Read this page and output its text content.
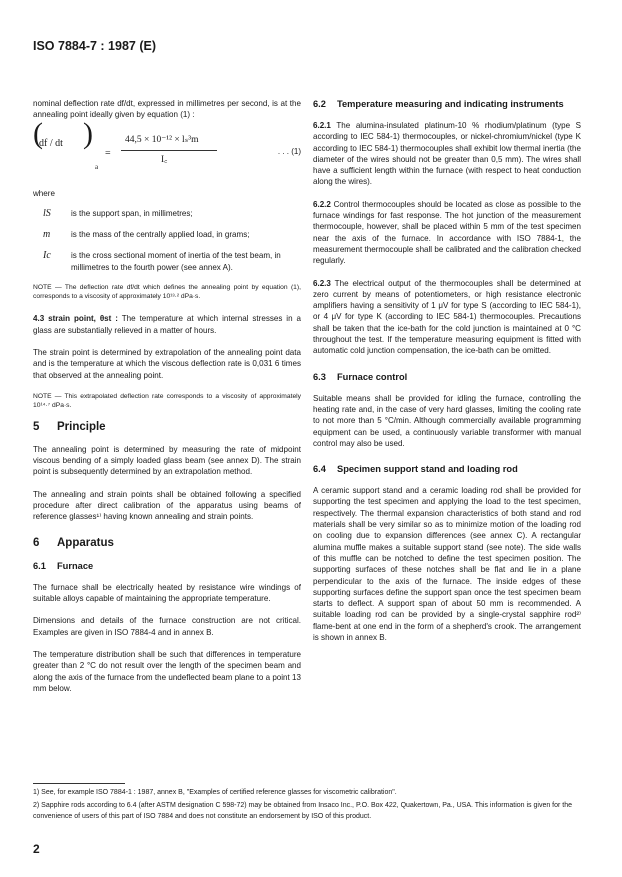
ISO 7884-7 : 1987 (E)

nominal deflection rate df/dt, expressed in millimetres per second, is at the annealing point ideally given by equation (1) :

(
df / dt )
a
=
44,5 × 10⁻¹² × lₛ³m
I꜀
. . . (1)

where

lS	is the support span, in millimetres;
m	is the mass of the centrally applied load, in grams;
Ic	is the cross sectional moment of inertia of the test beam, in millimetres to the fourth power (see annex A).

NOTE — The deflection rate df/dt which defines the annealing point by equation (1), corresponds to a viscosity of approximately 10¹³·² dPa·s.

4.3 strain point, θst : The temperature at which internal stresses in a glass are substantially relieved in a matter of hours.

The strain point is determined by extrapolation of the annealing point data and is the temperature at which the viscous deflection rate is 0,031 6 times that observed at the annealing point.

NOTE — This extrapolated deflection rate corresponds to a viscosity of approximately 10¹⁴·⁷ dPa·s.

5 Principle

The annealing point is determined by measuring the rate of midpoint viscous bending of a simply loaded glass beam (see annex D). The strain point is subsequently determined by an extrapolation method.

The annealing and strain points shall be obtained following a specified procedure after direct calibration of the apparatus using beams of reference glasses¹⁾ having known annealing and strain points.

6 Apparatus
6.1 Furnace

The furnace shall be electrically heated by resistance wire windings of suitable alloys capable of maintaining the appropriate temperature.

Dimensions and details of the furnace construction are not critical. Examples are given in ISO 7884-4 and in annex B.

The temperature distribution shall be such that differences in temperature greater than 2 °C do not result over the length of the specimen beam and along the axis of the furnace from the undeflected beam plane to a point 13 mm below.

6.2 Temperature measuring and indicating instruments

6.2.1 The alumina-insulated platinum-10 % rhodium/platinum (type S according to IEC 584-1) thermocouples, or nickel-chromium/nickel (type K according to IEC 584-1) thermocouples shall exhibit low thermal inertia (the diameter of the wires should not be greater than 0,5 mm). The wires shall have a sufficient length within the furnace (with respect to heat conduction along the wires).

6.2.2 Control thermocouples should be located as close as possible to the furnace windings for fast response. The hot junction of the measurement thermocouple, however, shall be placed within 5 mm of the test specimen near the axis of the furnace. In accordance with ISO 7884-1, the measurement thermocouple shall be calibrated and the calibration checked regularly.

6.2.3 The electrical output of the thermocouples shall be determined at zero current by means of potentiometers, or high resistance electronic amplifiers having a sensitivity of 1 μV for type S (according to IEC 584-1), or 4 μV for type K (according to IEC 584-1) thermocouples. Precautions shall be taken that the ice-bath for the cold junction is maintained at 0 °C throughout the test. If the temperature measuring equipment is fitted with automatic cold junction compensation, the ice-bath can be omitted.

6.3 Furnace control

Suitable means shall be provided for idling the furnace, controlling the heating rate and, in the case of very hard glasses, limiting the cooling rate to not more than 5 °C/min. Although commercially available programming equipment can be used, a continuously variable transformer with manual control may also be used.

6.4 Specimen support stand and loading rod

A ceramic support stand and a ceramic loading rod shall be provided for supporting the test specimen and applying the load to the test specimen, respectively. The thermal expansion characteristics of both stand and rod materials shall be very similar so as to minimize motion of the loading rod on cooling due to expansion differences (see annex C). A rectangular alumina muffle makes a suitable support stand (see note). The side walls of this muffle can be notched to define the test specimen position. The supporting surfaces of these notches shall be flat and lie in a plane perpendicular to the axis of the furnace. The inside edges of these supporting surfaces define the support span once the test specimen beam starts to deflect. A support span of about 50 mm is recommended. A suitable loading rod can be provided by a single-crystal sapphire rod²⁾ flame-bent at one end in the form of a shepherd's crook. The arrangement is shown in annex B.

1) See, for example ISO 7884-1 : 1987, annex B, "Examples of certified reference glasses for viscometric calibration".
2) Sapphire rods according to 6.4 (after ASTM designation C 598-72) may be obtained from Insaco Inc., P.O. Box 422, Quakertown, Pa., USA. This information is given for the convenience of users of this part of ISO 7884 and does not constitute an endorsement by ISO of this product.
2
